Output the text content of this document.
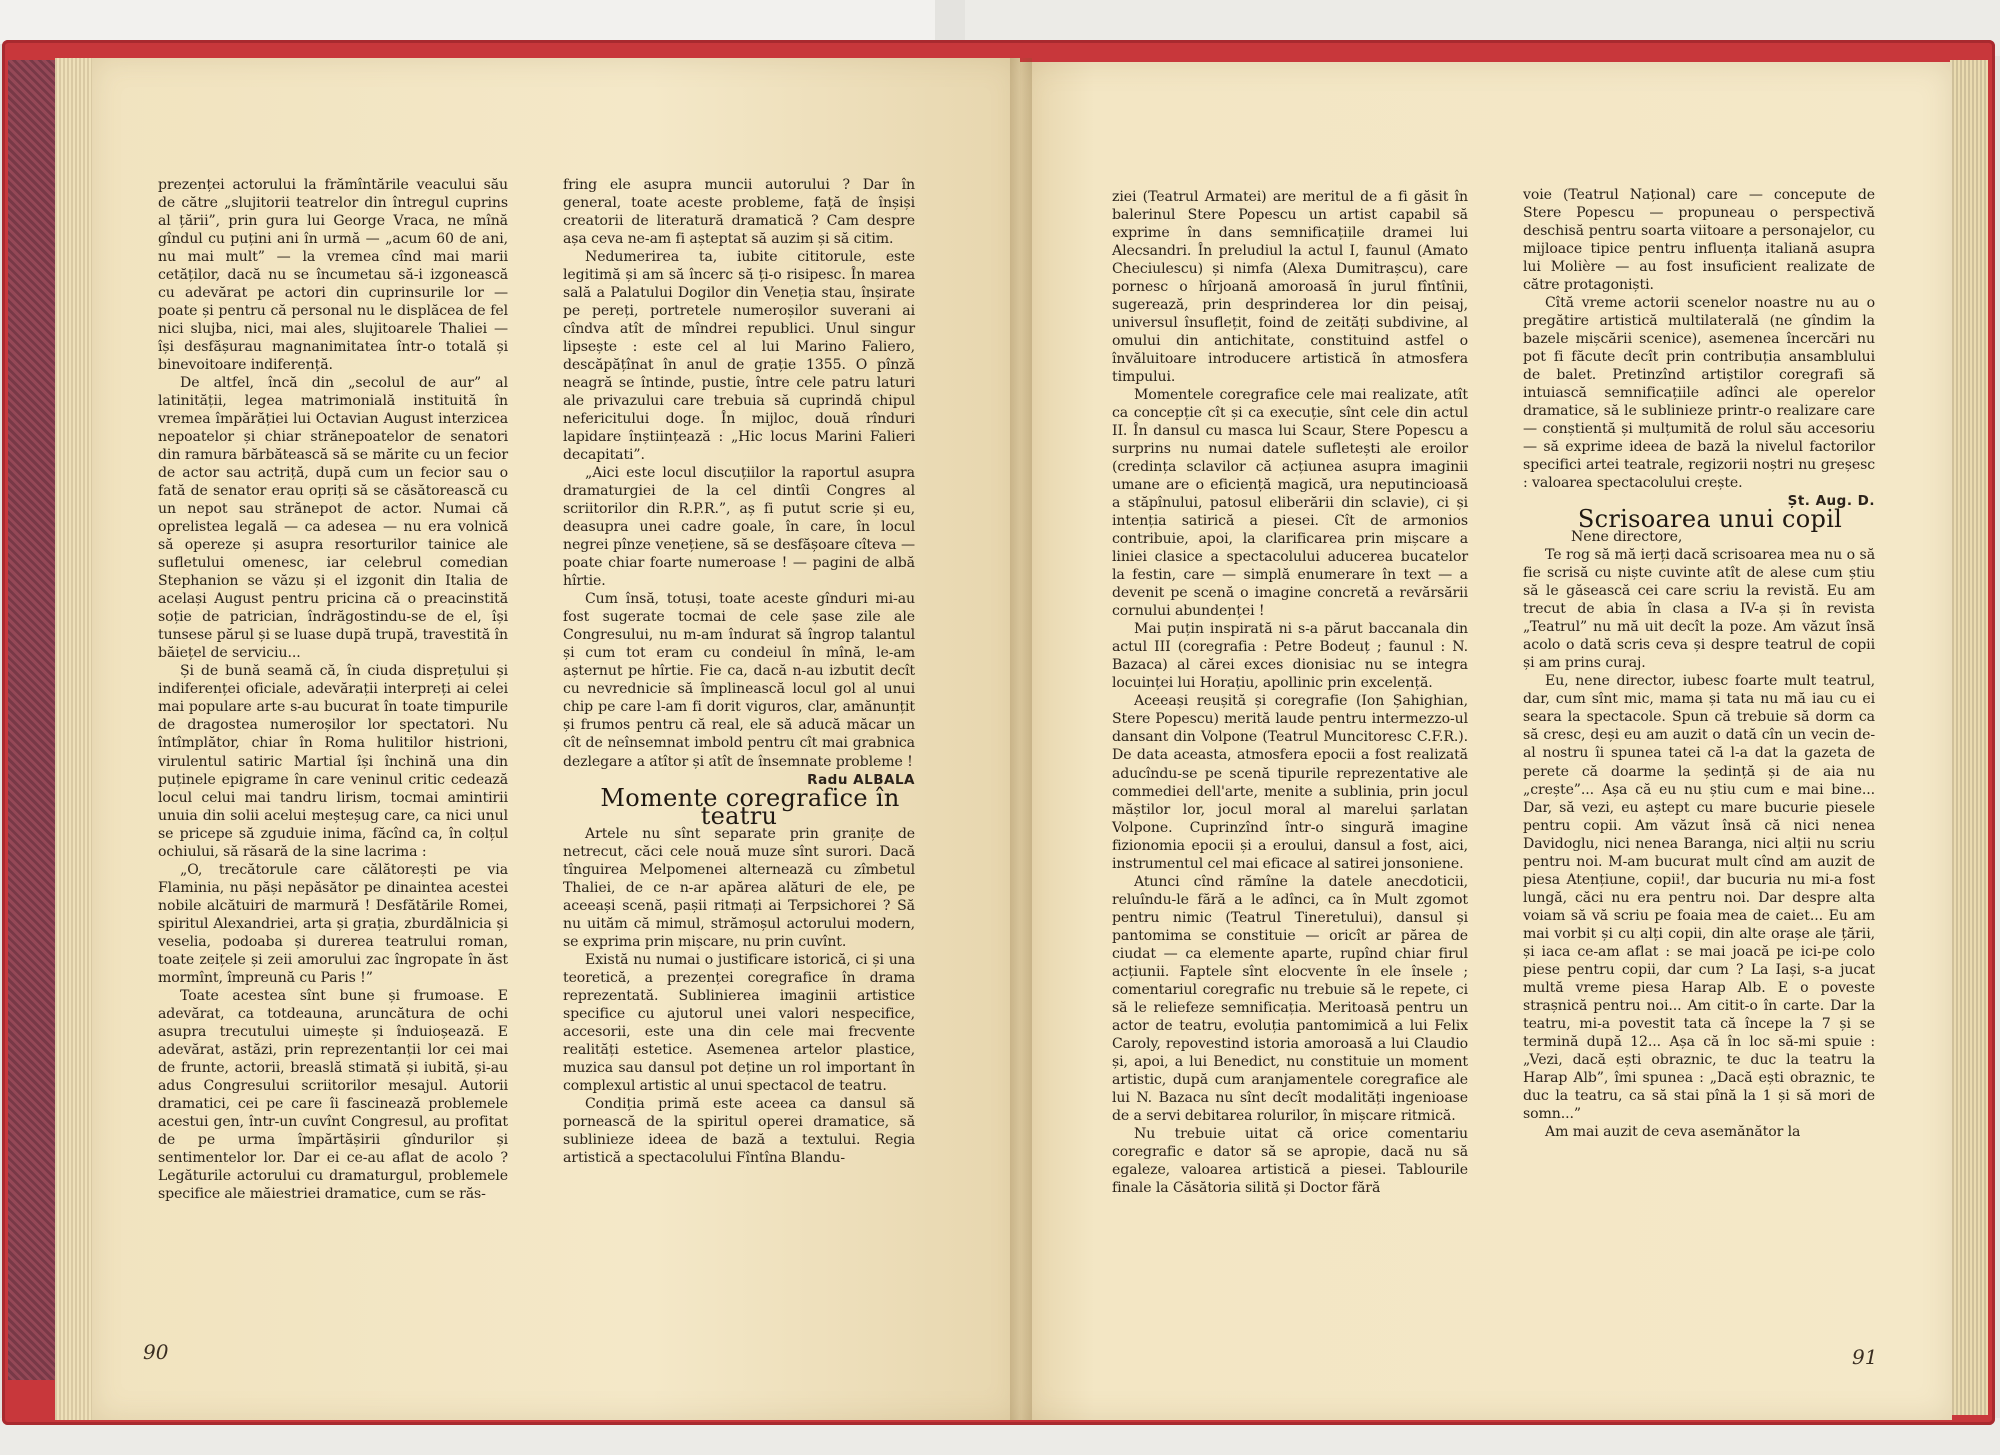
prezenței actorului la frămîntările veacului său de către „slujitorii teatrelor din întregul cuprins al țării”, prin gura lui George Vraca, ne mînă gîndul cu puțini ani în urmă — „acum 60 de ani, nu mai mult” — la vremea cînd mai marii cetăților, dacă nu se încumetau să-i izgonească cu adevărat pe actori din cuprinsurile lor — poate și pentru că personal nu le displăcea de fel nici slujba, nici, mai ales, slujitoarele Thaliei — își desfășurau magnanimitatea într-o totală și binevoitoare indiferență.

De altfel, încă din „secolul de aur” al latinității, legea matrimonială instituită în vremea împărăției lui Octavian August interzicea nepoatelor și chiar strănepoatelor de senatori din ramura bărbătească să se mărite cu un fecior de actor sau actriță, după cum un fecior sau o fată de senator erau opriți să se căsătorească cu un nepot sau strănepot de actor. Numai că oprelistea legală — ca adesea — nu era volnică să opereze și asupra resorturilor tainice ale sufletului omenesc, iar celebrul comedian Stephanion se văzu și el izgonit din Italia de același August pentru pricina că o preacinstită soție de patrician, îndrăgostindu-se de el, își tunsese părul și se luase după trupă, travestită în băiețel de serviciu...

Și de bună seamă că, în ciuda disprețului și indiferenței oficiale, adevărații interpreți ai celei mai populare arte s-au bucurat în toate timpurile de dragostea numeroșilor lor spectatori. Nu întîmplător, chiar în Roma hulitilor histrioni, virulentul satiric Martial își închină una din puținele epigrame în care veninul critic cedează locul celui mai tandru lirism, tocmai amintirii unuia din solii acelui meșteșug care, ca nici unul se pricepe să zguduie inima, făcînd ca, în colțul ochiului, să răsară de la sine lacrima :

„O, trecătorule care călătorești pe via Flaminia, nu păși nepăsător pe dinaintea acestei nobile alcătuiri de marmură ! Desfătările Romei, spiritul Alexandriei, arta și grația, zburdălnicia și veselia, podoaba și durerea teatrului roman, toate zeițele și zeii amorului zac îngropate în ăst mormînt, împreună cu Paris !”

Toate acestea sînt bune și frumoase. E adevărat, ca totdeauna, aruncătura de ochi asupra trecutului uimește și înduioșează. E adevărat, astăzi, prin reprezentanții lor cei mai de frunte, actorii, breaslă stimată și iubită, și-au adus Congresului scriitorilor mesajul. Autorii dramatici, cei pe care îi fascinează problemele acestui gen, într-un cuvînt Congresul, au profitat de pe urma împărtășirii gîndurilor și sentimentelor lor. Dar ei ce-au aflat de acolo ? Legăturile actorului cu dramaturgul, problemele specifice ale măiestriei dramatice, cum se răs-

fring ele asupra muncii autorului ? Dar în general, toate aceste probleme, față de înșiși creatorii de literatură dramatică ? Cam despre așa ceva ne-am fi așteptat să auzim și să citim.

Nedumerirea ta, iubite cititorule, este legitimă și am să încerc să ți-o risipesc. În marea sală a Palatului Dogilor din Veneția stau, înșirate pe pereți, portretele numeroșilor suverani ai cîndva atît de mîndrei republici. Unul singur lipsește : este cel al lui Marino Faliero, descăpățînat în anul de grație 1355. O pînză neagră se întinde, pustie, între cele patru laturi ale privazului care trebuia să cuprindă chipul nefericitului doge. În mijloc, două rînduri lapidare înștiințează : „Hic locus Marini Falieri decapitati”.

„Aici este locul discuțiilor la raportul asupra dramaturgiei de la cel dintîi Congres al scriitorilor din R.P.R.”, aș fi putut scrie și eu, deasupra unei cadre goale, în care, în locul negrei pînze venețiene, să se desfășoare cîteva — poate chiar foarte numeroase ! — pagini de albă hîrtie.

Cum însă, totuși, toate aceste gînduri mi-au fost sugerate tocmai de cele șase zile ale Congresului, nu m-am îndurat să îngrop talantul și cum tot eram cu condeiul în mînă, le-am așternut pe hîrtie. Fie ca, dacă n-au izbutit decît cu nevrednicie să împlinească locul gol al unui chip pe care l-am fi dorit viguros, clar, amănunțit și frumos pentru că real, ele să aducă măcar un cît de neînsemnat imbold pentru cît mai grabnica dezlegare a atîtor și atît de însemnate probleme !

Radu ALBALA

Momente coregrafice în teatru

Artele nu sînt separate prin granițe de netrecut, căci cele nouă muze sînt surori. Dacă tînguirea Melpomenei alternează cu zîmbetul Thaliei, de ce n-ar apărea alături de ele, pe aceeași scenă, pașii ritmați ai Terpsichorei ? Să nu uităm că mimul, strămoșul actorului modern, se exprima prin mișcare, nu prin cuvînt.

Există nu numai o justificare istorică, ci și una teoretică, a prezenței coregrafice în drama reprezentată. Sublinierea imaginii artistice specifice cu ajutorul unei valori nespecifice, accesorii, este una din cele mai frecvente realități estetice. Asemenea artelor plastice, muzica sau dansul pot deține un rol important în complexul artistic al unui spectacol de teatru.

Condiția primă este aceea ca dansul să pornească de la spiritul operei dramatice, să sublinieze ideea de bază a textului. Regia artistică a spectacolului Fîntîna Blandu-

90

ziei (Teatrul Armatei) are meritul de a fi găsit în balerinul Stere Popescu un artist capabil să exprime în dans semnificațiile dramei lui Alecsandri. În preludiul la actul I, faunul (Amato Checiulescu) și nimfa (Alexa Dumitrașcu), care pornesc o hîrjoană amoroasă în jurul fîntînii, sugerează, prin desprinderea lor din peisaj, universul însuflețit, foind de zeități subdivine, al omului din antichitate, constituind astfel o învăluitoare introducere artistică în atmosfera timpului.

Momentele coregrafice cele mai realizate, atît ca concepție cît și ca execuție, sînt cele din actul II. În dansul cu masca lui Scaur, Stere Popescu a surprins nu numai datele sufletești ale eroilor (credința sclavilor că acțiunea asupra imaginii umane are o eficiență magică, ura neputincioasă a stăpînului, patosul eliberării din sclavie), ci și intenția satirică a piesei. Cît de armonios contribuie, apoi, la clarificarea prin mișcare a liniei clasice a spectacolului aducerea bucatelor la festin, care — simplă enumerare în text — a devenit pe scenă o imagine concretă a revărsării cornului abundenței !

Mai puțin inspirată ni s-a părut baccanala din actul III (coregrafia : Petre Bodeuț ; faunul : N. Bazaca) al cărei exces dionisiac nu se integra locuinței lui Horațiu, apollinic prin excelență.

Aceeași reușită și coregrafie (Ion Șahighian, Stere Popescu) merită laude pentru intermezzo-ul dansant din Volpone (Teatrul Muncitoresc C.F.R.). De data aceasta, atmosfera epocii a fost realizată aducîndu-se pe scenă tipurile reprezentative ale commediei dell'arte, menite a sublinia, prin jocul măștilor lor, jocul moral al marelui șarlatan Volpone. Cuprinzînd într-o singură imagine fizionomia epocii și a eroului, dansul a fost, aici, instrumentul cel mai eficace al satirei jonsoniene.

Atunci cînd rămîne la datele anecdoticii, reluîndu-le fără a le adînci, ca în Mult zgomot pentru nimic (Teatrul Tineretului), dansul și pantomima se constituie — oricît ar părea de ciudat — ca elemente aparte, rupînd chiar firul acțiunii. Faptele sînt elocvente în ele însele ; comentariul coregrafic nu trebuie să le repete, ci să le reliefeze semnificația. Meritoasă pentru un actor de teatru, evoluția pantomimică a lui Felix Caroly, repovestind istoria amoroasă a lui Claudio și, apoi, a lui Benedict, nu constituie un moment artistic, după cum aranjamentele coregrafice ale lui N. Bazaca nu sînt decît modalități ingenioase de a servi debitarea rolurilor, în mișcare ritmică.

Nu trebuie uitat că orice comentariu coregrafic e dator să se apropie, dacă nu să egaleze, valoarea artistică a piesei. Tablourile finale la Căsătoria silită și Doctor fără

voie (Teatrul Național) care — concepute de Stere Popescu — propuneau o perspectivă deschisă pentru soarta viitoare a personajelor, cu mijloace tipice pentru influența italiană asupra lui Molière — au fost insuficient realizate de către protagoniști.

Cîtă vreme actorii scenelor noastre nu au o pregătire artistică multilaterală (ne gîndim la bazele mișcării scenice), asemenea încercări nu pot fi făcute decît prin contribuția ansamblului de balet. Pretinzînd artiștilor coregrafi să intuiască semnificațiile adînci ale operelor dramatice, să le sublinieze printr-o realizare care — conștientă și mulțumită de rolul său accesoriu — să exprime ideea de bază la nivelul factorilor specifici artei teatrale, regizorii noștri nu greșesc : valoarea spectacolului crește.

Șt. Aug. D.

Scrisoarea unui copil

Nene directore,

Te rog să mă ierți dacă scrisoarea mea nu o să fie scrisă cu niște cuvinte atît de alese cum știu să le găsească cei care scriu la revistă. Eu am trecut de abia în clasa a IV-a și în revista „Teatrul” nu mă uit decît la poze. Am văzut însă acolo o dată scris ceva și despre teatrul de copii și am prins curaj.

Eu, nene director, iubesc foarte mult teatrul, dar, cum sînt mic, mama și tata nu mă iau cu ei seara la spectacole. Spun că trebuie să dorm ca să cresc, deși eu am auzit o dată cîn un vecin de-al nostru îi spunea tatei că l-a dat la gazeta de perete că doarme la ședință și de aia nu „crește”... Așa că eu nu știu cum e mai bine... Dar, să vezi, eu aștept cu mare bucurie piesele pentru copii. Am văzut însă că nici nenea Davidoglu, nici nenea Baranga, nici alții nu scriu pentru noi. M-am bucurat mult cînd am auzit de piesa Atențiune, copii!, dar bucuria nu mi-a fost lungă, căci nu era pentru noi. Dar despre alta voiam să vă scriu pe foaia mea de caiet... Eu am mai vorbit și cu alți copii, din alte orașe ale țării, și iaca ce-am aflat : se mai joacă pe ici-pe colo piese pentru copii, dar cum ? La Iași, s-a jucat multă vreme piesa Harap Alb. E o poveste strașnică pentru noi... Am citit-o în carte. Dar la teatru, mi-a povestit tata că începe la 7 și se termină după 12... Așa că în loc să-mi spuie : „Vezi, dacă ești obraznic, te duc la teatru la Harap Alb”, îmi spunea : „Dacă ești obraznic, te duc la teatru, ca să stai pînă la 1 și să mori de somn...”

Am mai auzit de ceva asemănător la

91
